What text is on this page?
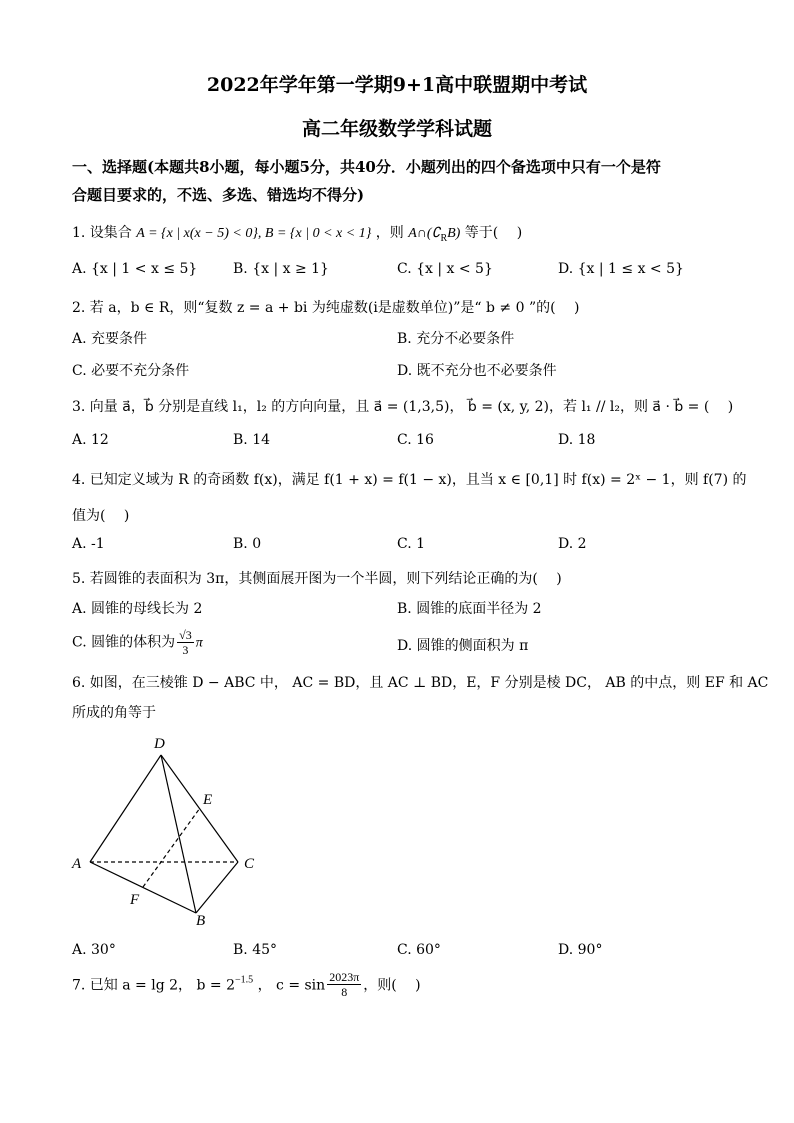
2022年学年第一学期9+1高中联盟期中考试
高二年级数学学科试题
一、选择题(本题共8小题，每小题5分，共40分．小题列出的四个备选项中只有一个是符
合题目要求的，不选、多选、错选均不得分)
1. 设集合 A = {x | x(x − 5) < 0}, B = {x | 0 < x < 1} ，则 $A\cap(∁_RB)$ 等于(　 )
A. {x | 1 < x ≤ 5}	B. {x | x ≥ 1}	C. {x | x < 5}	D. {x | 1 ≤ x < 5}
2. 若 a，b ∈ R，则“复数 z = a + bi 为纯虚数(i是虚数单位)”是“ b ≠ 0 ”的(　 )
A. 充要条件	B. 充分不必要条件
C. 必要不充分条件	D. 既不充分也不必要条件
3. 向量 a⃗，b⃗ 分别是直线 l₁，l₂ 的方向向量，且 a⃗ = (1,3,5)， b⃗ = (x, y, 2)，若 l₁ // l₂，则 a⃗ · b⃗ = (　 )
A. 12	B. 14	C. 16	D. 18
4. 已知定义域为 R 的奇函数 f(x)，满足 f(1 + x) = f(1 − x)，且当 x ∈ [0,1] 时 f(x) = 2ˣ − 1，则 f(7) 的
值为(　 )
A. -1	B. 0	C. 1	D. 2
5. 若圆锥的表面积为 3π，其侧面展开图为一个半圆，则下列结论正确的为(　 )
A. 圆锥的母线长为 2	B. 圆锥的底面半径为 2
C. 圆锥的体积为 $\frac{√3}{3}$ π	D. 圆锥的侧面积为 π
6. 如图，在三棱锥 D − ABC 中， AC = BD，且 AC ⊥ BD，E，F 分别是棱 DC， AB 的中点，则 EF 和 AC
所成的角等于
D
E
A	C
F
B
A. 30°	B. 45°	C. 60°	D. 90°
7. 已知 a = lg 2， $b = 2^{-1.5}$ ， $c = \sin \frac{2023\pi}{8}$ ，则(　 )
